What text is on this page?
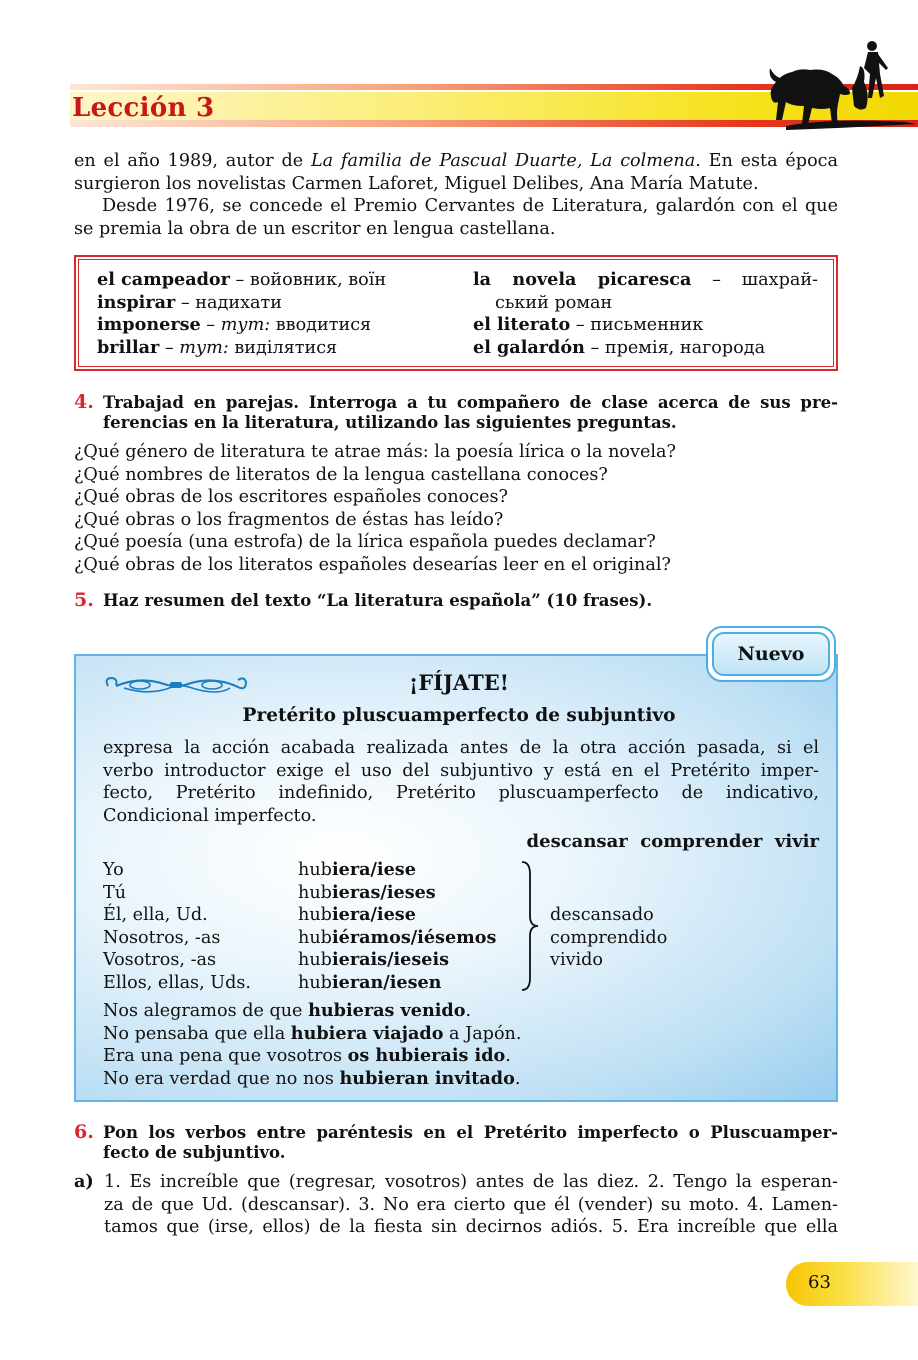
Lección 3

en el año 1989, autor de La familia de Pascual Duarte, La colmena. En esta época

surgieron los novelistas Carmen Laforet, Miguel Delibes, Ana María Matute.

Desde 1976, se concede el Premio Cervantes de Literatura, galardón con el que se premia la obra de un escritor en lengua castellana.

el campeador – войовник, воїн
inspirar – надихати
imponerse – тут: вводитися
brillar – тут: виділятися
la novela picaresca – шахрай-
ський роман
el literato – письменник
el galardón – премія, нагорода
4. Trabajad en parejas. Interroga a tu compañero de clase acerca de sus pre-
ferencias en la literatura, utilizando las siguientes preguntas.
¿Qué género de literatura te atrae más: la poesía lírica o la novela?
¿Qué nombres de literatos de la lengua castellana conoces?
¿Qué obras de los escritores españoles conoces?
¿Qué obras o los fragmentos de éstas has leído?
¿Qué poesía (una estrofa) de la lírica española puedes declamar?
¿Qué obras de los literatos españoles desearías leer en el original?
5. Haz resumen del texto “La literatura española” (10 frases).
Nuevo
¡FÍJATE!
Pretérito pluscuamperfecto de subjuntivo
expresa la acción acabada realizada antes de la otra acción pasada, si el
verbo introductor exige el uso del subjuntivo y está en el Pretérito imper-
fecto, Pretérito indefinido, Pretérito pluscuamperfecto de indicativo,
Condicional imperfecto.
descansar  comprender  vivir
Yo
Tú
Él, ella, Ud.
Nosotros, -as
Vosotros, -as
Ellos, ellas, Uds.
hubiera/iese
hubieras/ieses
hubiera/iese
hubiéramos/iésemos
hubierais/ieseis
hubieran/iesen
descansado
comprendido
vivido
Nos alegramos de que hubieras venido.
No pensaba que ella hubiera viajado a Japón.
Era una pena que vosotros os hubierais ido.
No era verdad que no nos hubieran invitado.
6. Pon los verbos entre paréntesis en el Pretérito imperfecto o Pluscuamper-
fecto de subjuntivo.
a) 1. Es increíble que (regresar, vosotros) antes de las diez. 2. Tengo la esperan-
za de que Ud. (descansar). 3. No era cierto que él (vender) su moto. 4. Lamen-
tamos que (irse, ellos) de la fiesta sin decirnos adiós. 5. Era increíble que ella
63
